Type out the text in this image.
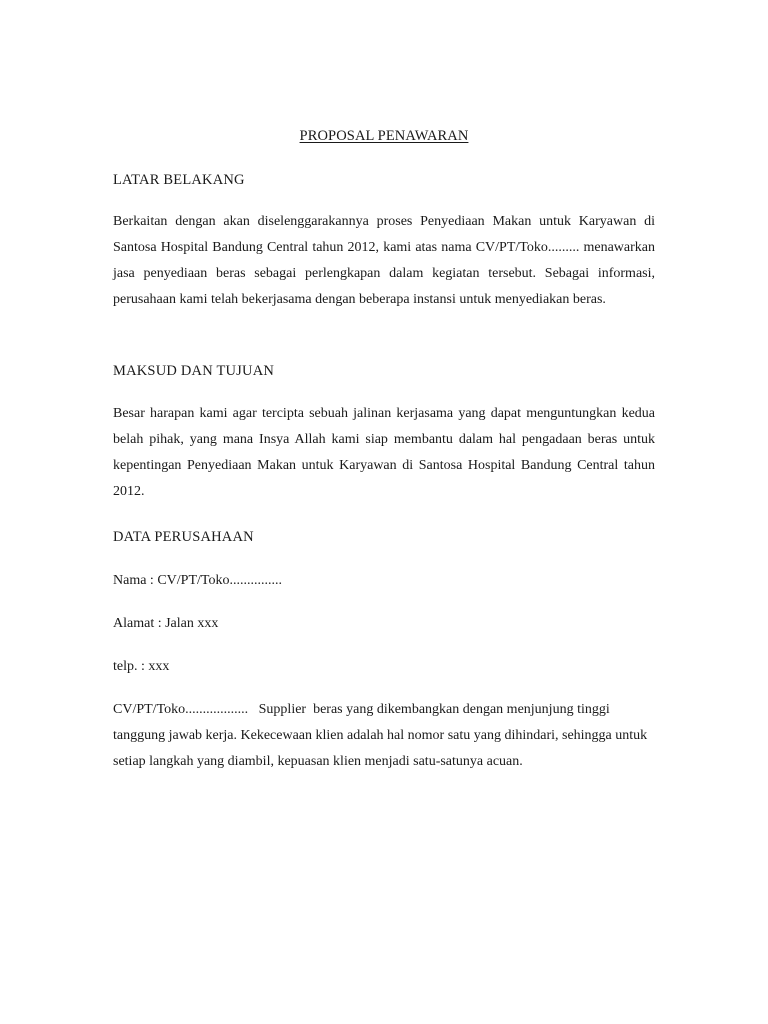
PROPOSAL PENAWARAN
LATAR BELAKANG
Berkaitan dengan akan diselenggarakannya proses Penyediaan Makan untuk Karyawan di Santosa Hospital Bandung Central tahun 2012, kami atas nama CV/PT/Toko......... menawarkan jasa penyediaan beras sebagai perlengkapan dalam kegiatan tersebut. Sebagai informasi, perusahaan kami telah bekerjasama dengan beberapa instansi untuk menyediakan beras.
MAKSUD DAN TUJUAN
Besar harapan kami agar tercipta sebuah jalinan kerjasama yang dapat menguntungkan kedua belah pihak, yang mana Insya Allah kami siap membantu dalam hal pengadaan beras untuk kepentingan Penyediaan Makan untuk Karyawan di Santosa Hospital Bandung Central tahun 2012.
DATA PERUSAHAAN
Nama : CV/PT/Toko...............
Alamat : Jalan xxx
telp. : xxx
CV/PT/Toko..................   Supplier  beras yang dikembangkan dengan menjunjung tinggi tanggung jawab kerja. Kekecewaan klien adalah hal nomor satu yang dihindari, sehingga untuk setiap langkah yang diambil, kepuasan klien menjadi satu-satunya acuan.
